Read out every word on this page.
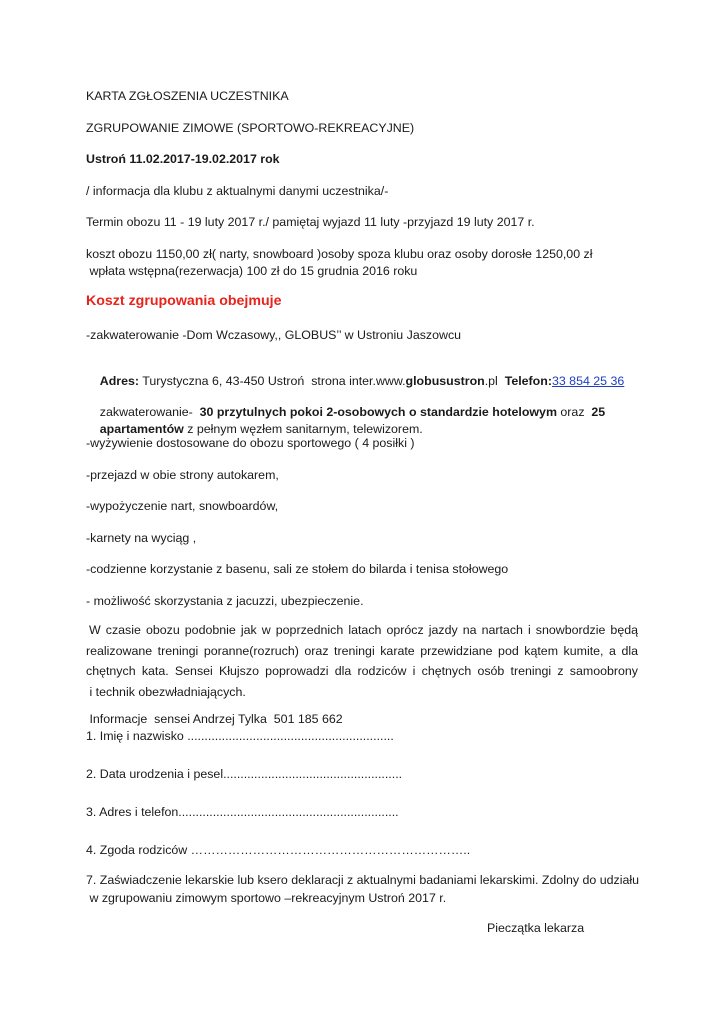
KARTA ZGŁOSZENIA UCZESTNIKA
ZGRUPOWANIE ZIMOWE (SPORTOWO-REKREACYJNE)
Ustroń 11.02.2017-19.02.2017 rok
/ informacja dla klubu z aktualnymi danymi uczestnika/-
Termin obozu 11 - 19 luty 2017 r./ pamiętaj wyjazd 11 luty -przyjazd 19 luty 2017 r.
koszt obozu 1150,00 zł( narty, snowboard )osoby spoza klubu oraz osoby dorosłe 1250,00 zł
wpłata wstępna(rezerwacja) 100 zł do 15 grudnia 2016 roku
Koszt zgrupowania obejmuje
-zakwaterowanie -Dom Wczasowy,, GLOBUS’’ w Ustroniu Jaszowcu

Adres: Turystyczna 6, 43-450 Ustroń  strona inter.www.globusustron.pl  Telefon:33 854 25 36

zakwaterowanie-  30 przytulnych pokoi 2-osobowych o standardzie hotelowym oraz  25

apartamentów z pełnym węzłem sanitarnym, telewizorem.

-wyżywienie dostosowane do obozu sportowego ( 4 posiłki )
-przejazd w obie strony autokarem,
-wypożyczenie nart, snowboardów,
-karnety na wyciąg ,
-codzienne korzystanie z basenu, sali ze stołem do bilarda i tenisa stołowego
- możliwość skorzystania z jacuzzi, ubezpieczenie.
W czasie obozu podobnie jak w poprzednich latach oprócz jazdy na nartach i snowbordzie będą
realizowane treningi poranne(rozruch) oraz treningi karate przewidziane pod kątem kumite, a dla
chętnych kata. Sensei Kłujszo poprowadzi dla rodziców i chętnych osób treningi z samoobrony
i technik obezwładniających.
Informacje  sensei Andrzej Tylka  501 185 662
1. Imię i nazwisko ............................................................
2. Data urodzenia i pesel....................................................
3. Adres i telefon................................................................
4. Zgoda rodziców …………………………………………………………..
7. Zaświadczenie lekarskie lub ksero deklaracji z aktualnymi badaniami lekarskimi. Zdolny do udziału
w zgrupowaniu zimowym sportowo –rekreacyjnym Ustroń 2017 r.
Pieczątka lekarza
